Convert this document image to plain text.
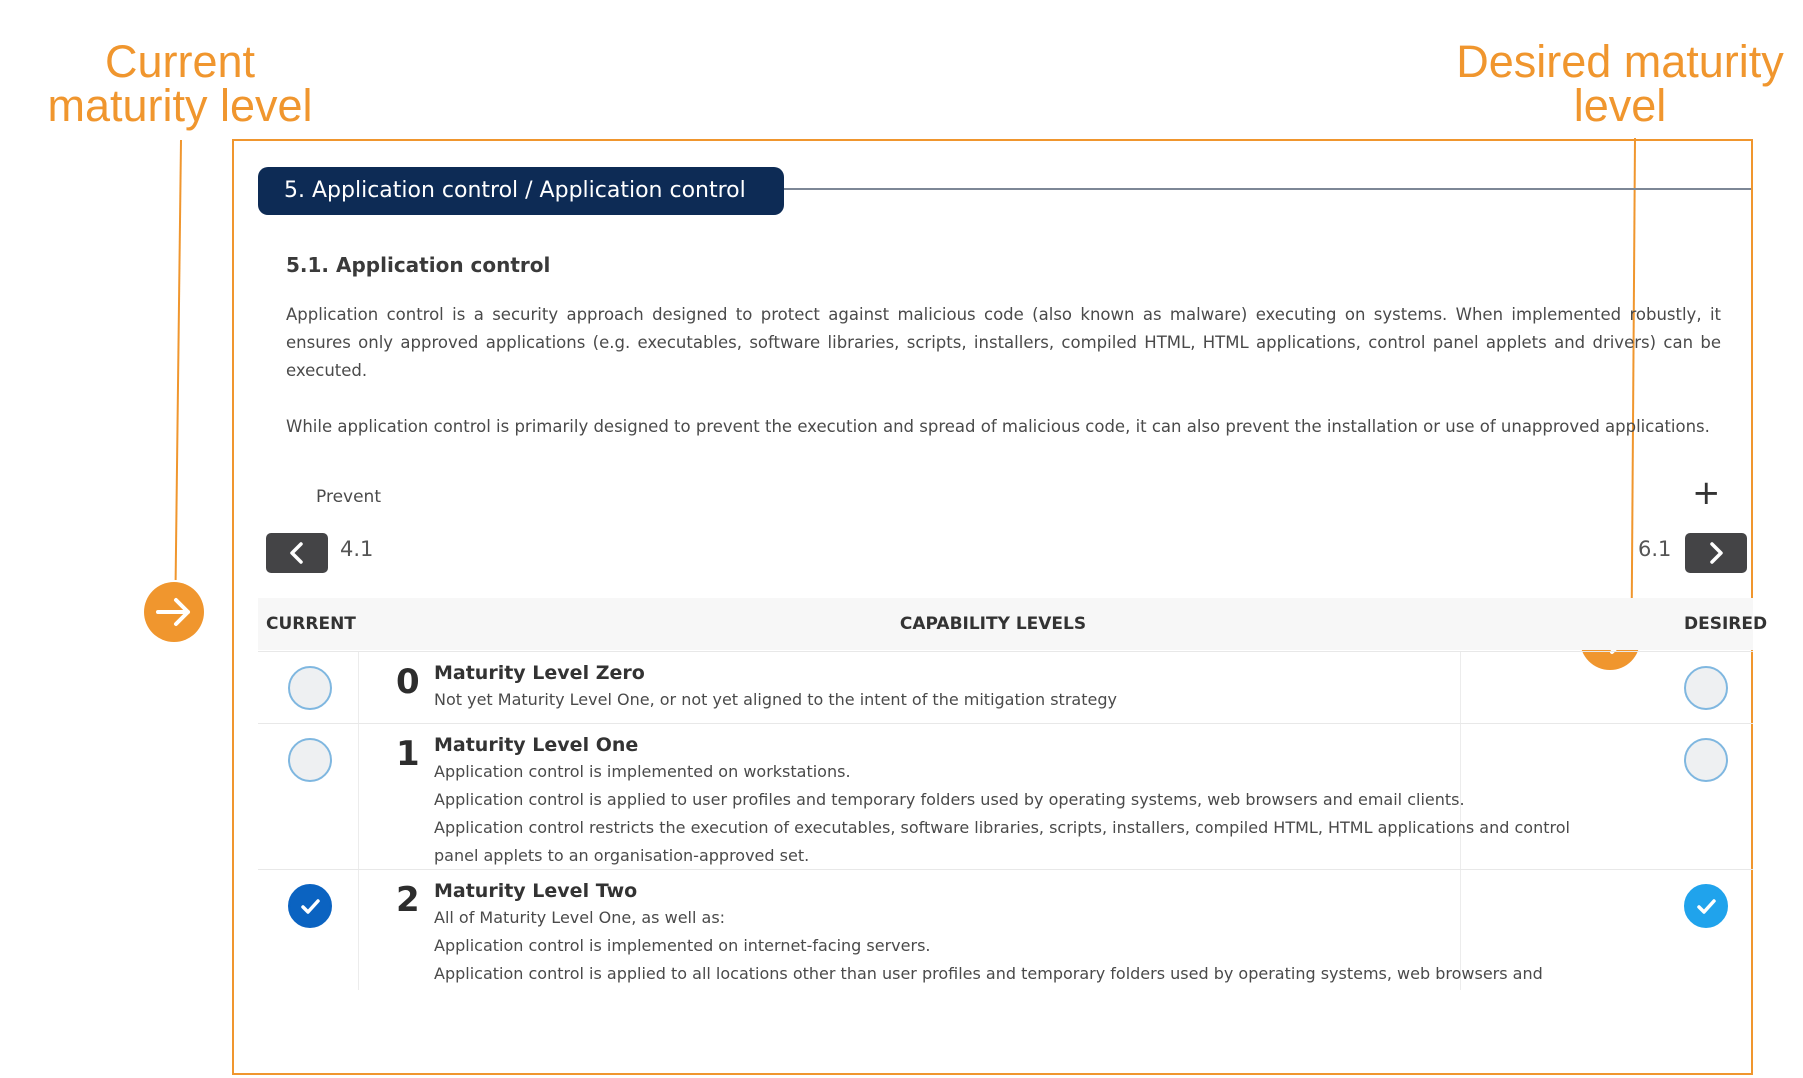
Current
maturity level
Desired maturity
level
5. Application control / Application control
5.1. Application control
Application control is a security approach designed to protect against malicious code (also known as malware) executing on systems. When implemented robustly, it ensures only approved applications (e.g. executables, software libraries, scripts, installers, compiled HTML, HTML applications, control panel applets and drivers) can be executed.
While application control is primarily designed to prevent the execution and spread of malicious code, it can also prevent the installation or use of unapproved applications.
Prevent	+
4.1	6.1
CURRENT	CAPABILITY LEVELS	DESIRED
0 Maturity Level Zero
Not yet Maturity Level One, or not yet aligned to the intent of the mitigation strategy
1 Maturity Level One
Application control is implemented on workstations.
Application control is applied to user profiles and temporary folders used by operating systems, web browsers and email clients.
Application control restricts the execution of executables, software libraries, scripts, installers, compiled HTML, HTML applications and control
panel applets to an organisation-approved set.
2 Maturity Level Two
All of Maturity Level One, as well as:
Application control is implemented on internet-facing servers.
Application control is applied to all locations other than user profiles and temporary folders used by operating systems, web browsers and
